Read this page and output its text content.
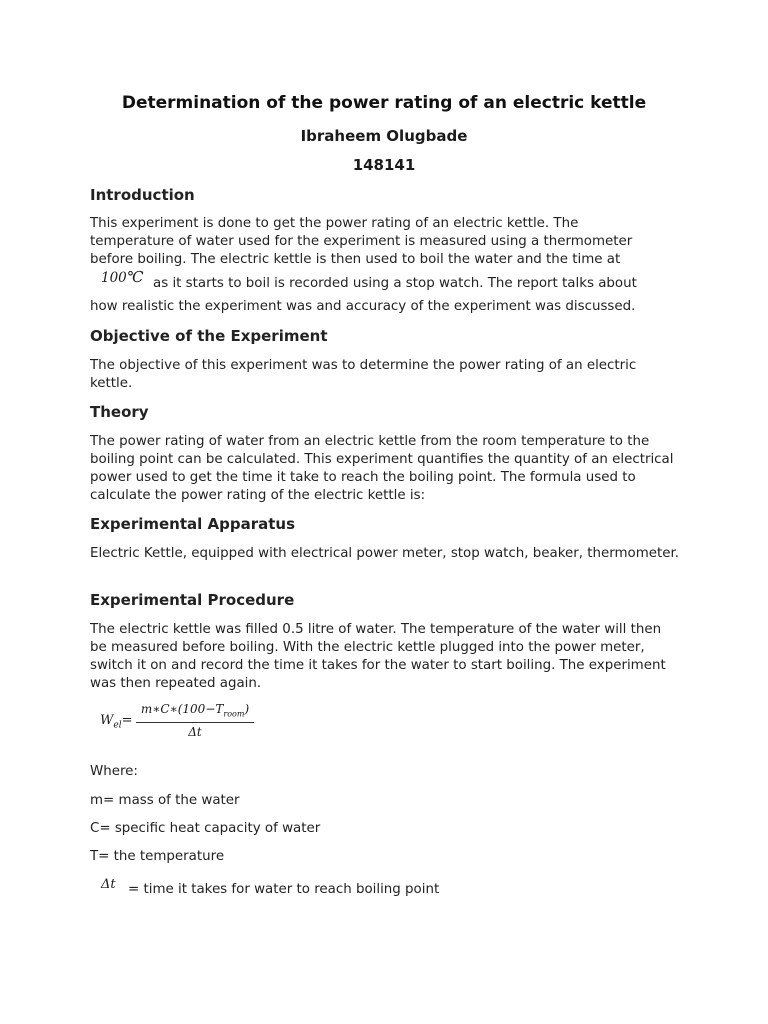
Determination of the power rating of an electric kettle
Ibraheem Olugbade
148141
Introduction
This experiment is done to get the power rating of an electric kettle. The
temperature of water used for the experiment is measured using a thermometer
before boiling. The electric kettle is then used to boil the water and the time at
100℃ as it starts to boil is recorded using a stop watch. The report talks about
how realistic the experiment was and accuracy of the experiment was discussed.
Objective of the Experiment
The objective of this experiment was to determine the power rating of an electric kettle.
Theory
The power rating of water from an electric kettle from the room temperature to the boiling point can be calculated. This experiment quantifies the quantity of an electrical power used to get the time it take to reach the boiling point. The formula used to calculate the power rating of the electric kettle is:
Experimental Apparatus
Electric Kettle, equipped with electrical power meter, stop watch, beaker, thermometer.
Experimental Procedure
The electric kettle was filled 0.5 litre of water. The temperature of the water will then be measured before boiling. With the electric kettle plugged into the power meter, switch it on and record the time it takes for the water to start boiling. The experiment was then repeated again.
$W_{el}=$
$m∗C∗(100-T_{room})$
Δt
Where:
m= mass of the water
C= specific heat capacity of water
T= the temperature
Δt = time it takes for water to reach boiling point
